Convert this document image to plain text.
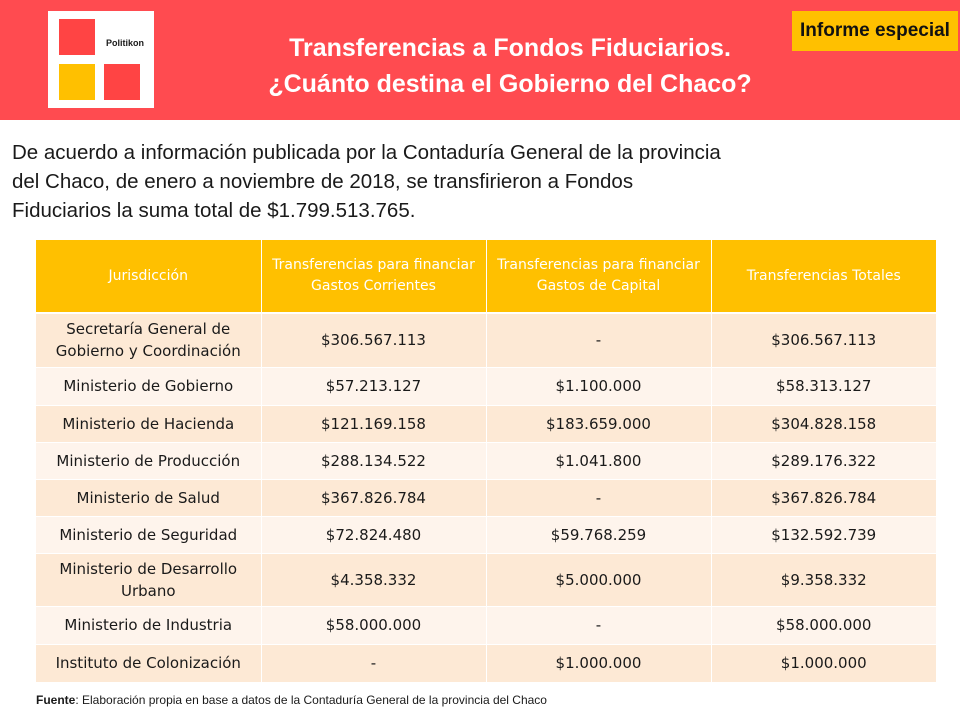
Politikon	Transferencias a Fondos Fiduciarios.
¿Cuánto destina el Gobierno del Chaco?
Informe especial

De acuerdo a información publicada por la Contaduría General de la provincia del Chaco, de enero a noviembre de 2018, se transfirieron a Fondos Fiduciarios la suma total de $1.799.513.765.

Jurisdicción	Transferencias para financiar Gastos Corrientes	Transferencias para financiar Gastos de Capital	Transferencias Totales
Secretaría General de Gobierno y Coordinación	$306.567.113	-	$306.567.113
Ministerio de Gobierno	$57.213.127	$1.100.000	$58.313.127
Ministerio de Hacienda	$121.169.158	$183.659.000	$304.828.158
Ministerio de Producción	$288.134.522	$1.041.800	$289.176.322
Ministerio de Salud	$367.826.784	-	$367.826.784
Ministerio de Seguridad	$72.824.480	$59.768.259	$132.592.739
Ministerio de Desarrollo Urbano	$4.358.332	$5.000.000	$9.358.332
Ministerio de Industria	$58.000.000	-	$58.000.000
Instituto de Colonización	-	$1.000.000	$1.000.000
Fuente: Elaboración propia en base a datos de la Contaduría General de la provincia del Chaco
